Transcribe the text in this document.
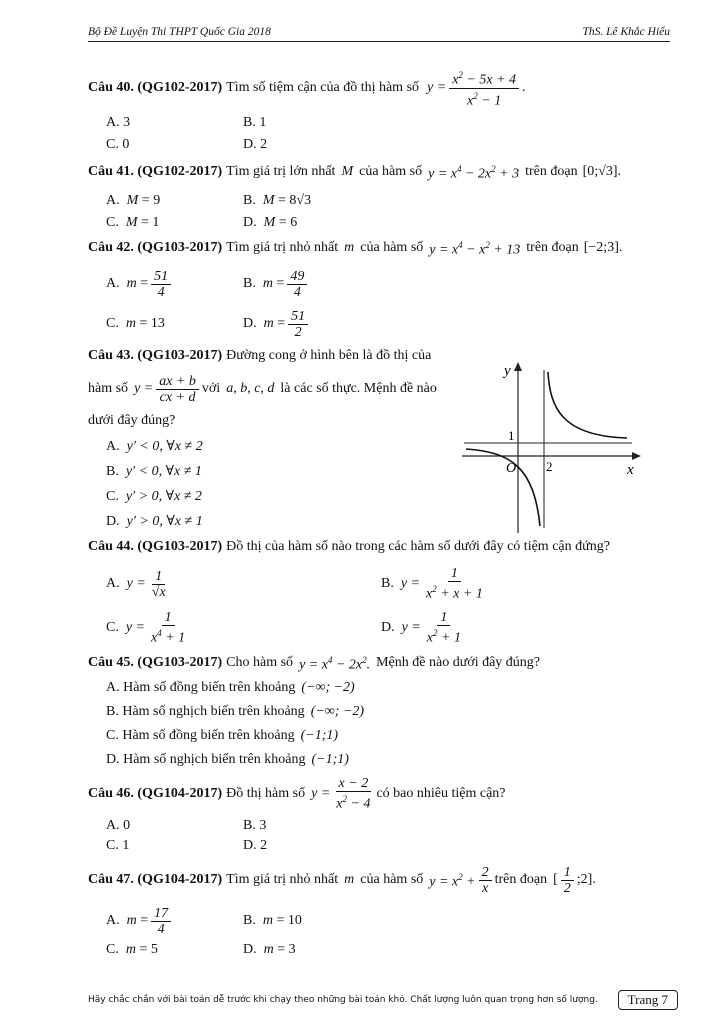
Bộ Đề Luyện Thi THPT Quốc Gia 2018	ThS. Lê Khắc Hiếu
Câu 40. (QG102-2017) Tìm số tiệm cận của đồ thị hàm số $y = \frac{x^2 - 5x + 4}{x^2 - 1}$ .
A. 3	B. 1
C. 0	D. 2
Câu 41. (QG102-2017) Tìm giá trị lớn nhất M của hàm số $y = x^4 - 2x^2 + 3$ trên đoạn [0;√3].
A. M = 9	B. M = 8√3
C. M = 1	D. M = 6
Câu 42. (QG103-2017) Tìm giá trị nhỏ nhất m của hàm số $y = x^4 - x^2 + 13$ trên đoạn [−2;3].
A. $m = \frac{51}{4}$	B. $m = \frac{49}{4}$
C. m = 13	D. $m = \frac{51}{2}$
Câu 43. (QG103-2017) Đường cong ở hình bên là đồ thị của
hàm số $y = \frac{ax + b}{cx + d}$ với a, b, c, d là các số thực. Mệnh đề nào
dưới đây đúng?
A. y′ < 0, ∀x ≠ 2
B. y′ < 0, ∀x ≠ 1
C. y′ > 0, ∀x ≠ 2
D. y′ > 0, ∀x ≠ 1
Câu 44. (QG103-2017) Đồ thị của hàm số nào trong các hàm số dưới đây có tiệm cận đứng?
A. $y = \frac{1}{√x}$	B. $y = \frac{1}{x^2 + x + 1}$
C. $y = \frac{1}{x^4 + 1}$	D. $y = \frac{1}{x^2 + 1}$
Câu 45. (QG103-2017) Cho hàm số $y = x^4 - 2x^2$. Mệnh đề nào dưới đây đúng?
A. Hàm số đồng biến trên khoảng (−∞; −2)
B. Hàm số nghịch biến trên khoảng (−∞; −2)
C. Hàm số đồng biến trên khoảng (−1;1)
D. Hàm số nghịch biến trên khoảng (−1;1)
Câu 46. (QG104-2017) Đồ thị hàm số $y = \frac{x - 2}{x^2 - 4}$ có bao nhiêu tiệm cận?
A. 0	B. 3
C. 1	D. 2
Câu 47. (QG104-2017) Tìm giá trị nhỏ nhất m của hàm số $y = x^2 + \frac{2}{x}$ trên đoạn [ $\frac{1}{2}$ ;2].
A. $m = \frac{17}{4}$	B. m = 10
C. m = 5	D. m = 3
y
x
O 2
1
Hãy chắc chắn với bài toán dễ trước khi chạy theo những bài toán khó. Chất lượng luôn quan trọng hơn số lượng.	Trang 7
